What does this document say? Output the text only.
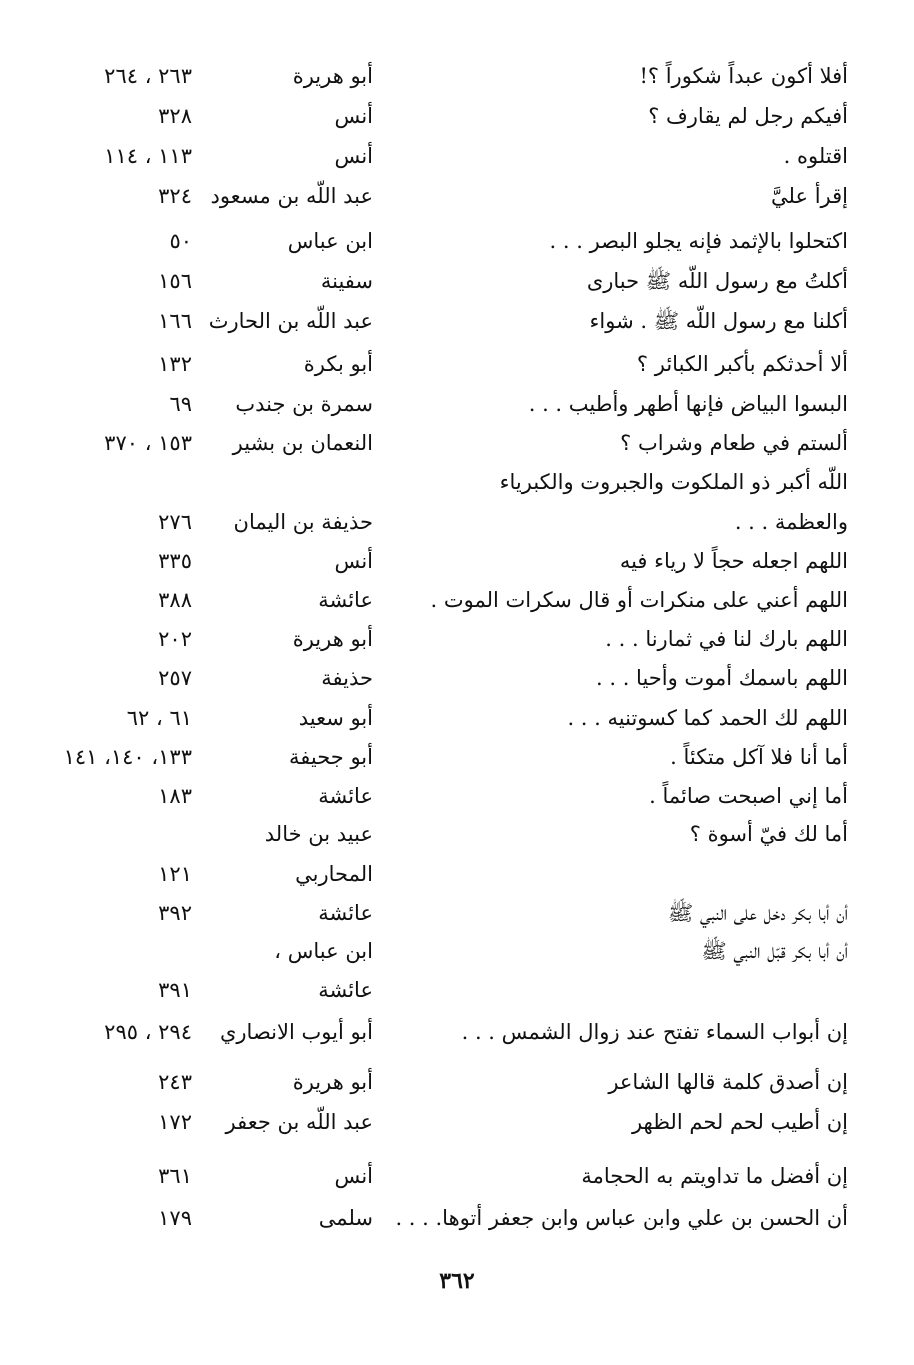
أفلا أكون عبداً شكوراً ؟!
أبو هريرة
٢٦٣ ، ٢٦٤
أفيكم رجل لم يقارف ؟
أنس
٣٢٨
اقتلوه .
أنس
١١٣ ، ١١٤
إقرأ عليَّ
عبد اللّه بن مسعود
٣٢٤
اكتحلوا بالإثمد فإنه يجلو البصر . . .
ابن عباس
٥٠
أكلتُ مع رسول اللّه ﷺ حبارى
سفينة
١٥٦
أكلنا مع رسول اللّه ﷺ . شواء
عبد اللّه بن الحارث
١٦٦
ألا أحدثكم بأكبر الكبائر ؟
أبو بكرة
١٣٢
البسوا البياض فإنها أطهر وأطيب . . .
سمرة بن جندب
٦٩
ألستم في طعام وشراب ؟
النعمان بن بشير
١٥٣ ، ٣٧٠
اللّه أكبر ذو الملكوت والجبروت والكبرياء
والعظمة . . .
حذيفة بن اليمان
٢٧٦
اللهم اجعله حجاً لا رياء فيه
أنس
٣٣٥
اللهم أعني على منكرات أو قال سكرات الموت .
عائشة
٣٨٨
اللهم بارك لنا في ثمارنا . . .
أبو هريرة
٢٠٢
اللهم باسمك أموت وأحيا . . .
حذيفة
٢٥٧
اللهم لك الحمد كما كسوتنيه . . .
أبو سعيد
٦١ ، ٦٢
أما أنا فلا آكل متكئاً .
أبو جحيفة
١٣٣، ١٤٠، ١٤١
أما إني اصبحت صائماً .
عائشة
١٨٣
أما لك فيّ أسوة ؟
عبيد بن خالد
المحاربي
١٢١
أن أبا بكر دخل على النبي ﷺ
عائشة
٣٩٢
أن أبا بكر قبّل النبي ﷺ
ابن عباس ،
عائشة
٣٩١
إن أبواب السماء تفتح عند زوال الشمس . . .
أبو أيوب الانصاري
٢٩٤ ، ٢٩٥
إن أصدق كلمة قالها الشاعر
أبو هريرة
٢٤٣
إن أطيب لحم لحم الظهر
عبد اللّه بن جعفر
١٧٢
إن أفضل ما تداويتم به الحجامة
أنس
٣٦١
أن الحسن بن علي وابن عباس وابن جعفر أتوها. . . .
سلمى
١٧٩
٣٦٢
